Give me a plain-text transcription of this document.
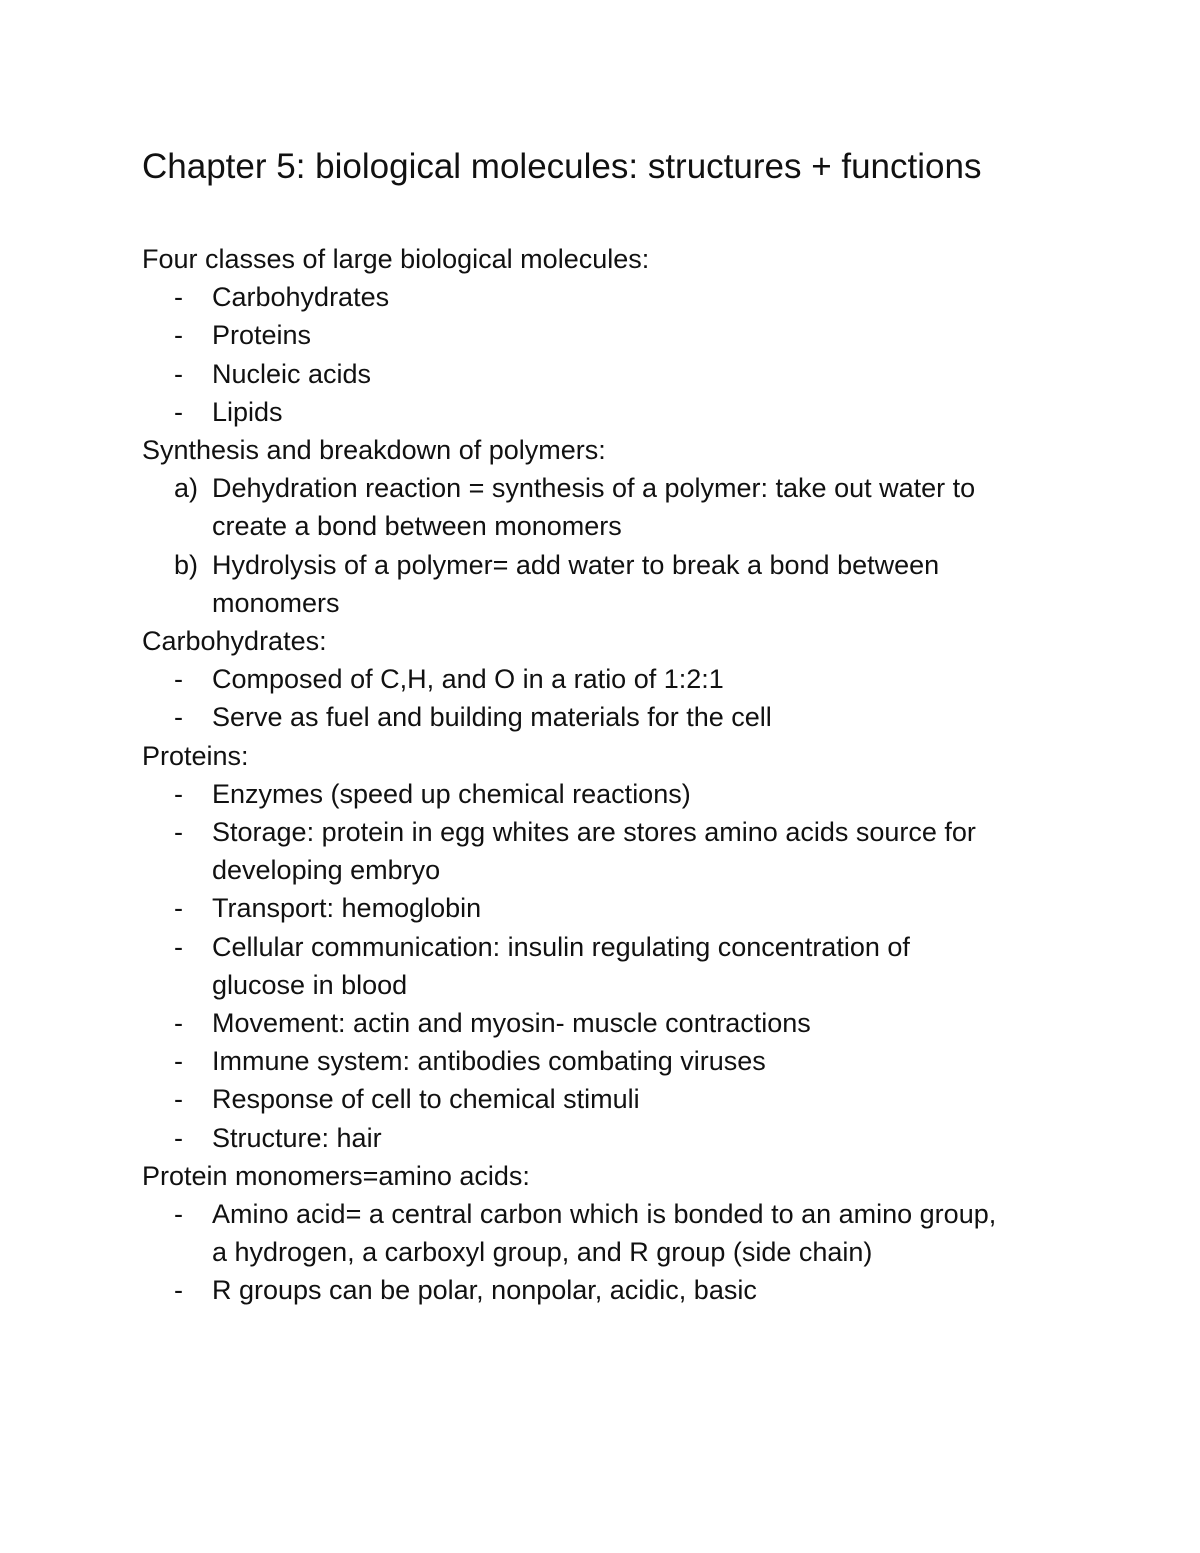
Chapter 5: biological molecules: structures + functions

Four classes of large biological molecules:

- Carbohydrates
- Proteins
- Nucleic acids
- Lipids

Synthesis and breakdown of polymers:

a) Dehydration reaction = synthesis of a polymer: take out water to
create a bond between monomers
b) Hydrolysis of a polymer= add water to break a bond between
monomers

Carbohydrates:

- Composed of C,H, and O in a ratio of 1:2:1
- Serve as fuel and building materials for the cell

Proteins:

- Enzymes (speed up chemical reactions)
- Storage: protein in egg whites are stores amino acids source for
developing embryo
- Transport: hemoglobin
- Cellular communication: insulin regulating concentration of
glucose in blood
- Movement: actin and myosin- muscle contractions
- Immune system: antibodies combating viruses
- Response of cell to chemical stimuli
- Structure: hair

Protein monomers=amino acids:

- Amino acid= a central carbon which is bonded to an amino group,
a hydrogen, a carboxyl group, and R group (side chain)
- R groups can be polar, nonpolar, acidic, basic
